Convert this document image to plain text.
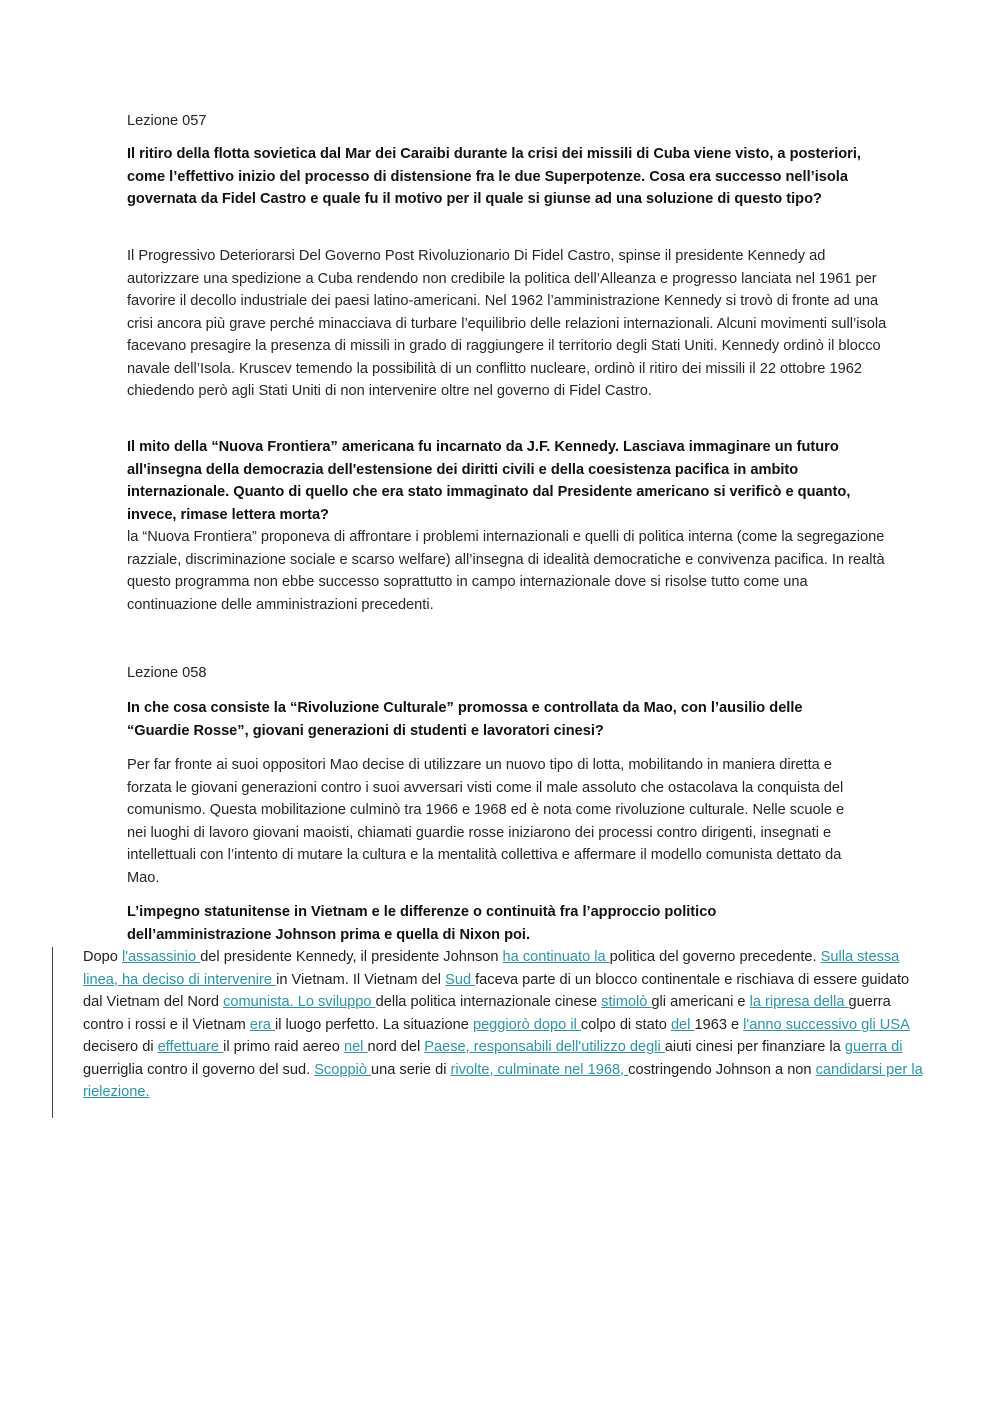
Lezione 057
Il ritiro della flotta sovietica dal Mar dei Caraibi durante la crisi dei missili di Cuba viene visto, a posteriori, come l’effettivo inizio del processo di distensione fra le due Superpotenze. Cosa era successo nell’isola governata da Fidel Castro e quale fu il motivo per il quale si giunse ad una soluzione di questo tipo?
Il Progressivo Deteriorarsi Del Governo Post Rivoluzionario Di Fidel Castro, spinse il presidente Kennedy ad autorizzare una spedizione a Cuba rendendo non credibile la politica dell’Alleanza e progresso lanciata nel 1961 per favorire il decollo industriale dei paesi latino-americani. Nel 1962 l’amministrazione Kennedy si trovò di fronte ad una crisi ancora più grave perché minacciava di turbare l’equilibrio delle relazioni internazionali. Alcuni movimenti sull’isola facevano presagire la presenza di missili in grado di raggiungere il territorio degli Stati Uniti. Kennedy ordinò il blocco navale dell’Isola. Kruscev temendo la possibilità di un conflitto nucleare, ordinò il ritiro dei missili il 22 ottobre 1962 chiedendo però agli Stati Uniti di non intervenire oltre nel governo di Fidel Castro.
Il mito della “Nuova Frontiera” americana fu incarnato da J.F. Kennedy. Lasciava immaginare un futuro all'insegna della democrazia dell'estensione dei diritti civili e della coesistenza pacifica in ambito internazionale. Quanto di quello che era stato immaginato dal Presidente americano si verificò e quanto, invece, rimase lettera morta?
la “Nuova Frontiera” proponeva di affrontare i problemi internazionali e quelli di politica interna (come la segregazione razziale, discriminazione sociale e scarso welfare) all’insegna di idealità democratiche e convivenza pacifica. In realtà questo programma non ebbe successo soprattutto in campo internazionale dove si risolse tutto come una continuazione delle amministrazioni precedenti.
Lezione 058
In che cosa consiste la “Rivoluzione Culturale” promossa e controllata da Mao, con l’ausilio delle “Guardie Rosse”, giovani generazioni di studenti e lavoratori cinesi?
Per far fronte ai suoi oppositori Mao decise di utilizzare un nuovo tipo di lotta, mobilitando in maniera diretta e forzata le giovani generazioni contro i suoi avversari visti come il male assoluto che ostacolava la conquista del comunismo. Questa mobilitazione culminò tra 1966 e 1968 ed è nota come rivoluzione culturale. Nelle scuole e nei luoghi di lavoro giovani maoisti, chiamati guardie rosse iniziarono dei processi contro dirigenti, insegnati e intellettuali con l’intento di mutare la cultura e la mentalità collettiva e affermare il modello comunista dettato da Mao.
L’impegno statunitense in Vietnam e le differenze o continuità fra l’approccio politico dell’amministrazione Johnson prima e quella di Nixon poi.
Dopo l'assassinio del presidente Kennedy, il presidente Johnson ha continuato la politica del governo precedente. Sulla stessa linea, ha deciso di intervenire in Vietnam. Il Vietnam del Sud faceva parte di un blocco continentale e rischiava di essere guidato dal Vietnam del Nord comunista. Lo sviluppo della politica internazionale cinese stimolò gli americani e la ripresa della guerra contro i rossi e il Vietnam era il luogo perfetto. La situazione peggiorò dopo il colpo di stato del 1963 e l'anno successivo gli USA decisero di effettuare il primo raid aereo nel nord del Paese, responsabili dell'utilizzo degli aiuti cinesi per finanziare la guerra di guerriglia contro il governo del sud. Scoppiò una serie di rivolte, culminate nel 1968, costringendo Johnson a non candidarsi per la rielezione.
